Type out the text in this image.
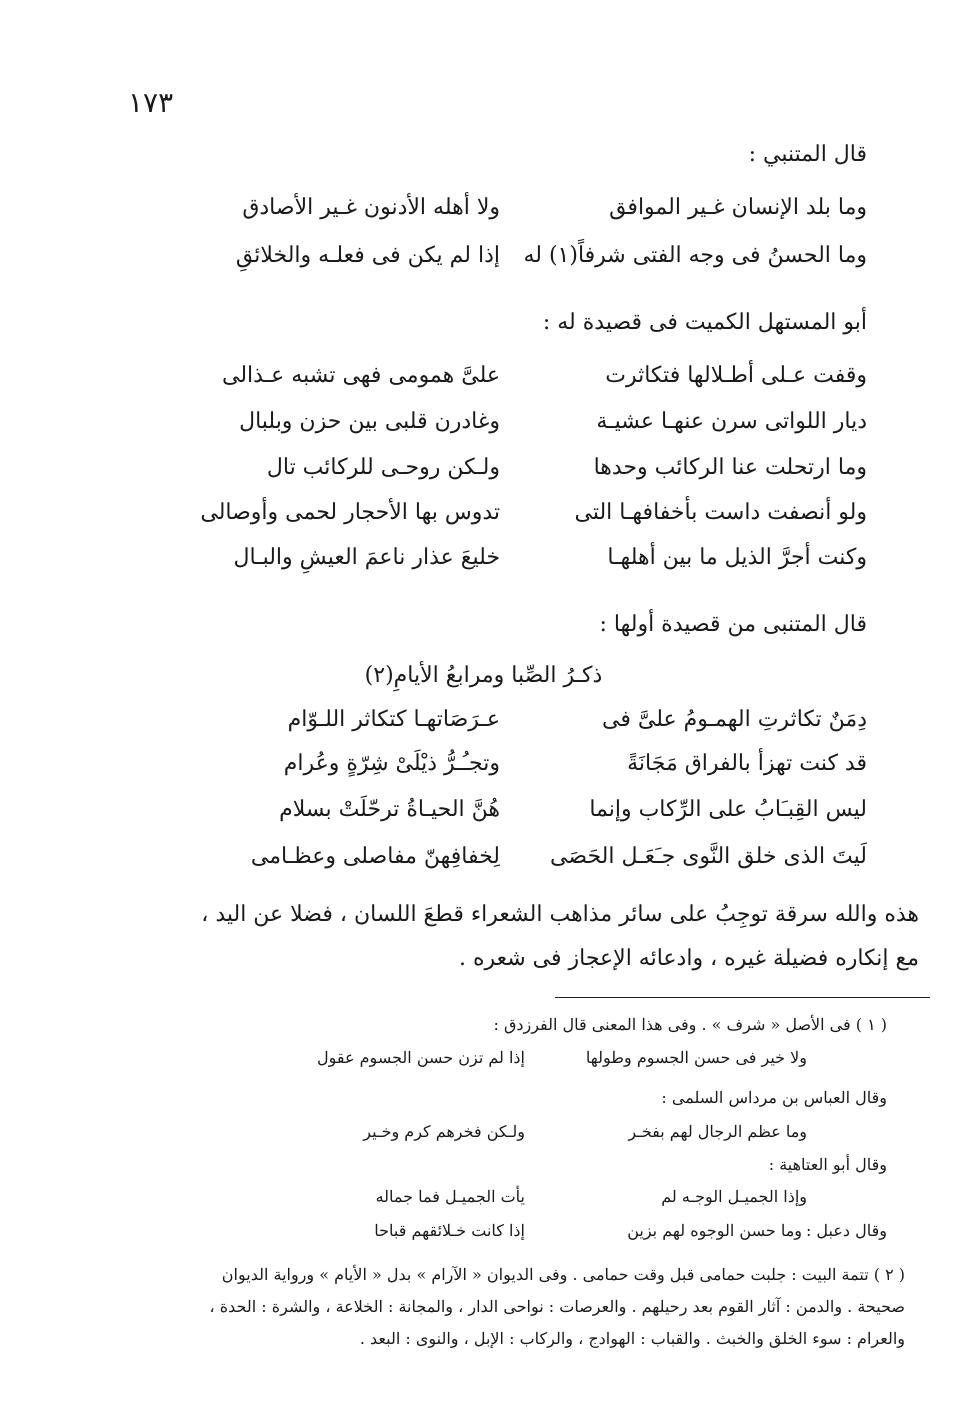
١٧٣
قال المتنبي :
وما بلد الإنسان غـير الموافق
ولا أهله الأدنون غـير الأصادق
وما الحسنُ فى وجه الفتى شرفاً(١) له
إذا لم يكن فى فعلـه والخلائقِ
أبو المستهل الكميت فى قصيدة له :
وقفت عـلى أطـلالها فتكاثرت
علىَّ همومى فهى تشبه عـذالى
ديار اللواتى سرن عنهـا عشيـة
وغادرن قلبى بين حزن وبلبال
وما ارتحلت عنا الركائب وحدها
ولـكن روحـى للركائب تال
ولو أنصفت داست بأخفافهـا التى
تدوس بها الأحجار لحمى وأوصالى
وكنت أجرَّ الذيل ما بين أهلهـا
خليعَ عذار ناعمَ العيشِ والبـال
قال المتنبى من قصيدة أولها :
ذكـرُ الصِّبا ومرابعُ الأيامِ(٢)
دِمَنٌ تكاثرتِ الهمـومُ علىَّ فى
عـرَصَاتهـا كتكاثر اللـوّام
قد كنت تهزأ بالفراق مَجَانَةً
وتجـُـرُّ ذيْلَىْ شِرّةٍ وعُرام
ليس القِبـَابُ على الرِّكاب وإنما
هُنَّ الحيـاةُ ترحّلَتْ بسلام
لَيتَ الذى خلق النَّوى جـَعَـل الحَصَى
لِخفافِهنّ مفاصلى وعظـامى
هذه والله سرقة توجِبُ على سائر مذاهب الشعراء قطعَ اللسان ، فضلا عن اليد ،
مع إنكاره فضيلة غيره ، وادعائه الإعجاز فى شعره .
( ١ ) فى الأصل « شرف » . وفى هذا المعنى قال الفرزدق :
ولا خير فى حسن الجسوم وطولها
إذا لم تزن حسن الجسوم عقول
وقال العباس بن مرداس السلمى :
وما عظم الرجال لهم بفخـر
ولـكن فخرهم كرم وخـير
وقال أبو العتاهية :
وإذا الجميـل الوجـه لم
يأت الجميـل فما جماله
وقال دعبل :
وما حسن الوجوه لهم بزين
إذا كانت خـلائقهم قباحا
( ٢ ) تتمة البيت : جلبت حمامى قبل وقت حمامى . وفى الديوان « الآرام » بدل « الأيام » ورواية الديوان
صحيحة . والدمن : آثار القوم بعد رحيلهم . والعرصات : نواحى الدار ، والمجانة : الخلاعة ، والشرة : الحدة ،
والعرام : سوء الخلق والخبث . والقباب : الهوادج ، والركاب : الإبل ، والنوى : البعد .
